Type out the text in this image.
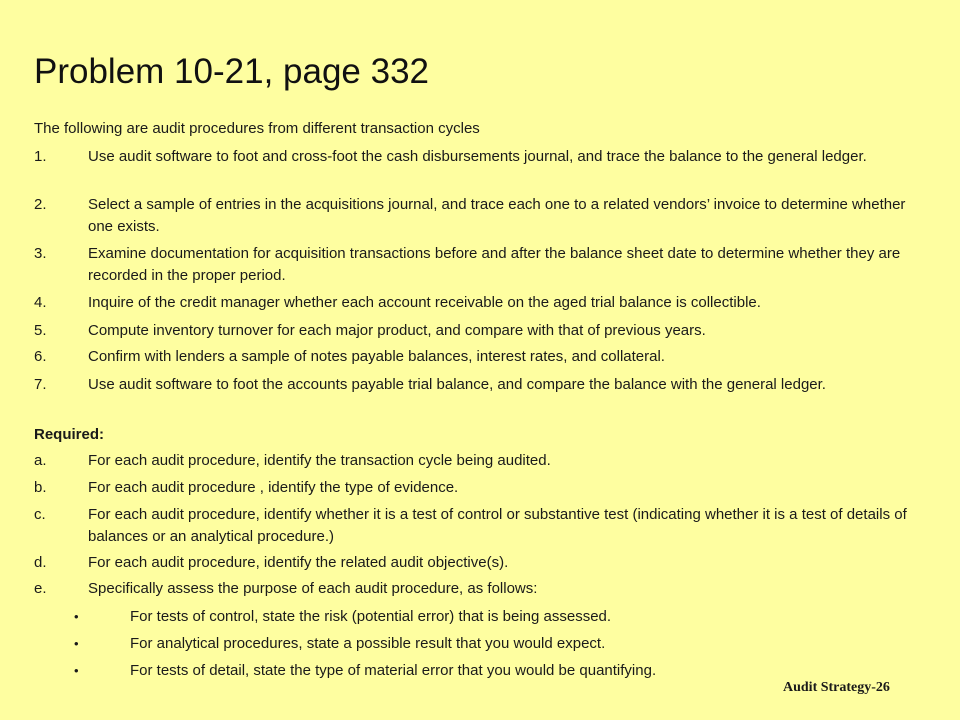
Problem 10-21, page 332
The following are audit procedures from different transaction cycles
1.	Use audit software to foot and cross-foot the cash disbursements journal, and trace the balance to the general ledger.
2.	Select a sample of entries in the acquisitions journal, and trace each one to a related vendors’ invoice to determine whether one exists.
3.	Examine documentation for acquisition transactions before and after the balance sheet date to determine whether they are recorded in the proper period.
4.	Inquire of the credit manager whether each account receivable on the aged trial balance is collectible.
5.	Compute inventory turnover for each major product, and compare with that of previous years.
6.	Confirm with lenders a sample of notes payable balances, interest rates, and collateral.
7.	Use audit software to foot the accounts payable trial balance, and compare the balance with the general ledger.
Required:
a.	For each audit procedure, identify the transaction cycle being audited.
b.	For each audit procedure , identify the type of evidence.
c.	For each audit procedure, identify whether it is a test of control or substantive test (indicating whether it is a test of details of balances or an analytical procedure.)
d.	For each audit procedure, identify the related audit objective(s).
e.	Specifically assess the purpose of each audit procedure, as follows:
•	For tests of control, state the risk (potential error) that is being assessed.
•	For analytical procedures, state a possible result that you would expect.
•	For tests of detail, state the type of material error that you would be quantifying.
Audit Strategy-26
